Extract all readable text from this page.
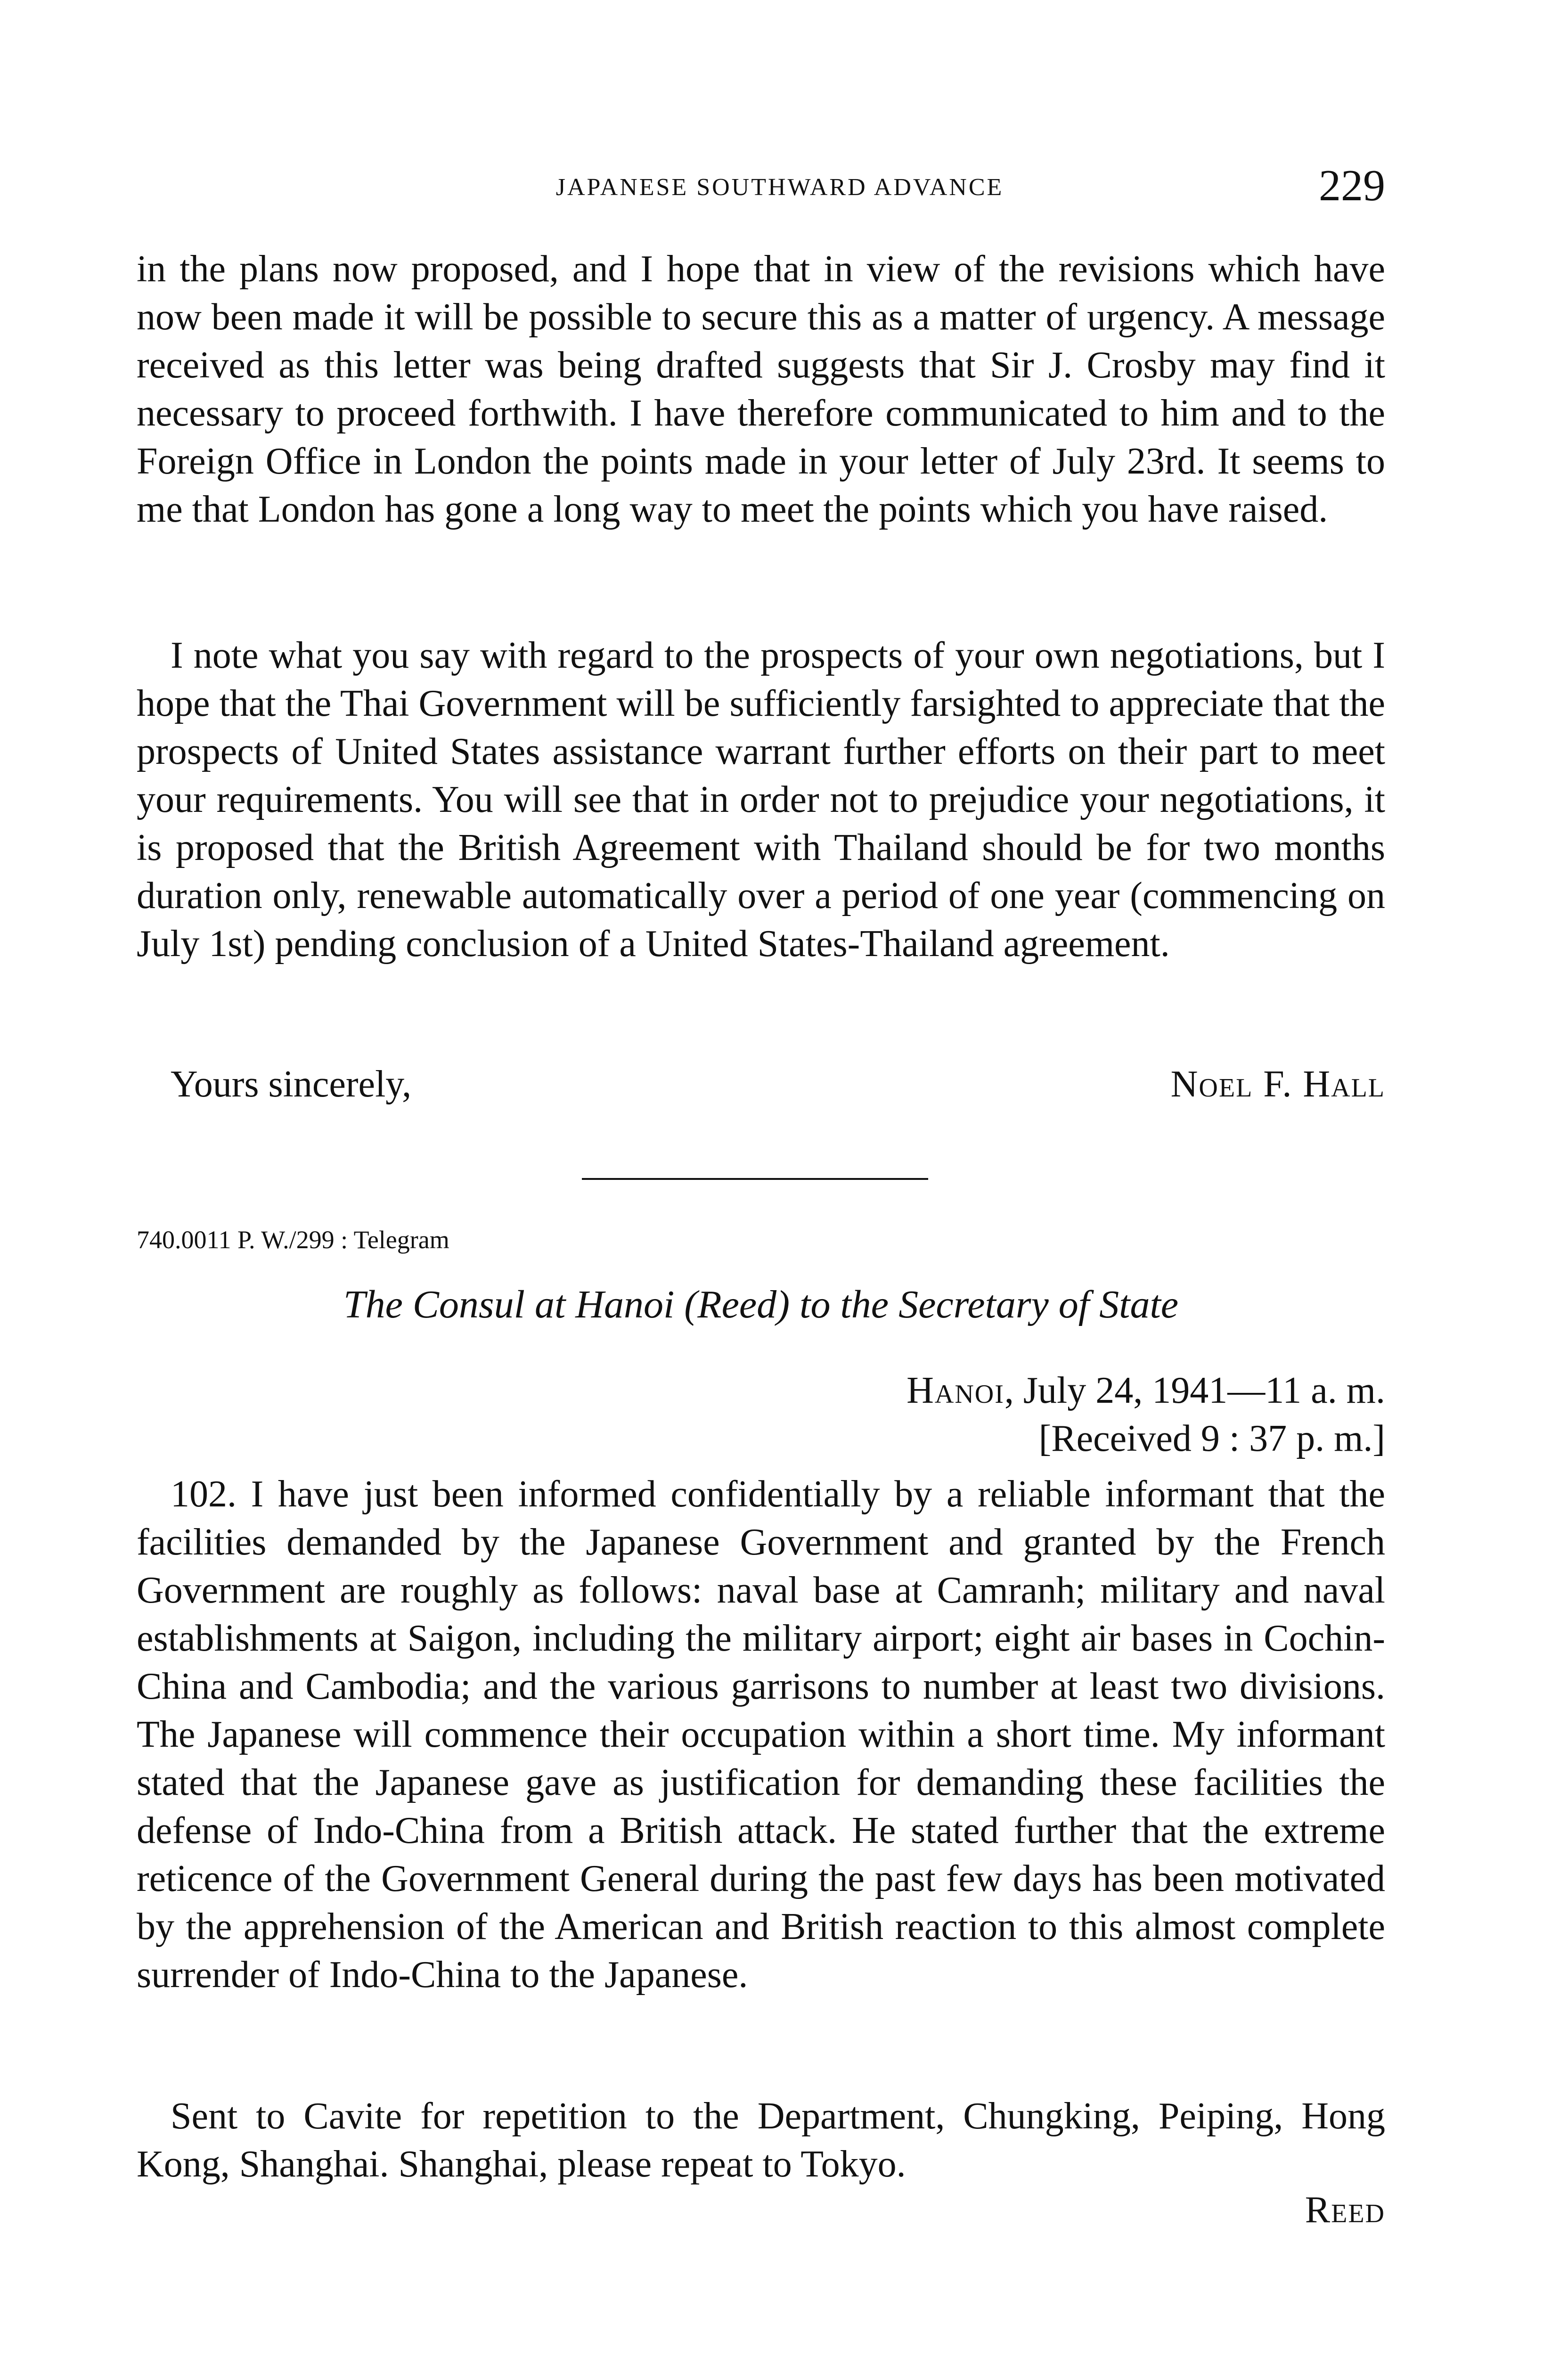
JAPANESE SOUTHWARD ADVANCE	229

in the plans now proposed, and I hope that in view of the revisions which have now been made it will be possible to secure this as a matter of urgency. A message received as this letter was being drafted suggests that Sir J. Crosby may find it necessary to proceed forthwith. I have therefore communicated to him and to the Foreign Office in London the points made in your letter of July 23rd. It seems to me that London has gone a long way to meet the points which you have raised.

I note what you say with regard to the prospects of your own negotiations, but I hope that the Thai Government will be sufficiently farsighted to appreciate that the prospects of United States assistance warrant further efforts on their part to meet your requirements. You will see that in order not to prejudice your negotiations, it is proposed that the British Agreement with Thailand should be for two months duration only, renewable automatically over a period of one year (commencing on July 1st) pending conclusion of a United States-Thailand agreement.

Yours sincerely,	Noel F. Hall
740.0011 P. W./299 : Telegram
The Consul at Hanoi (Reed) to the Secretary of State
Hanoi, July 24, 1941—11 a. m.
[Received 9 : 37 p. m.]

102. I have just been informed confidentially by a reliable informant that the facilities demanded by the Japanese Government and granted by the French Government are roughly as follows: naval base at Camranh; military and naval establishments at Saigon, including the military airport; eight air bases in Cochin-China and Cambodia; and the various garrisons to number at least two divisions. The Japanese will commence their occupation within a short time. My informant stated that the Japanese gave as justification for demanding these facilities the defense of Indo-China from a British attack. He stated further that the extreme reticence of the Government General during the past few days has been motivated by the apprehension of the American and British reaction to this almost complete surrender of Indo-China to the Japanese.

Sent to Cavite for repetition to the Department, Chungking, Peiping, Hong Kong, Shanghai. Shanghai, please repeat to Tokyo.

Reed
